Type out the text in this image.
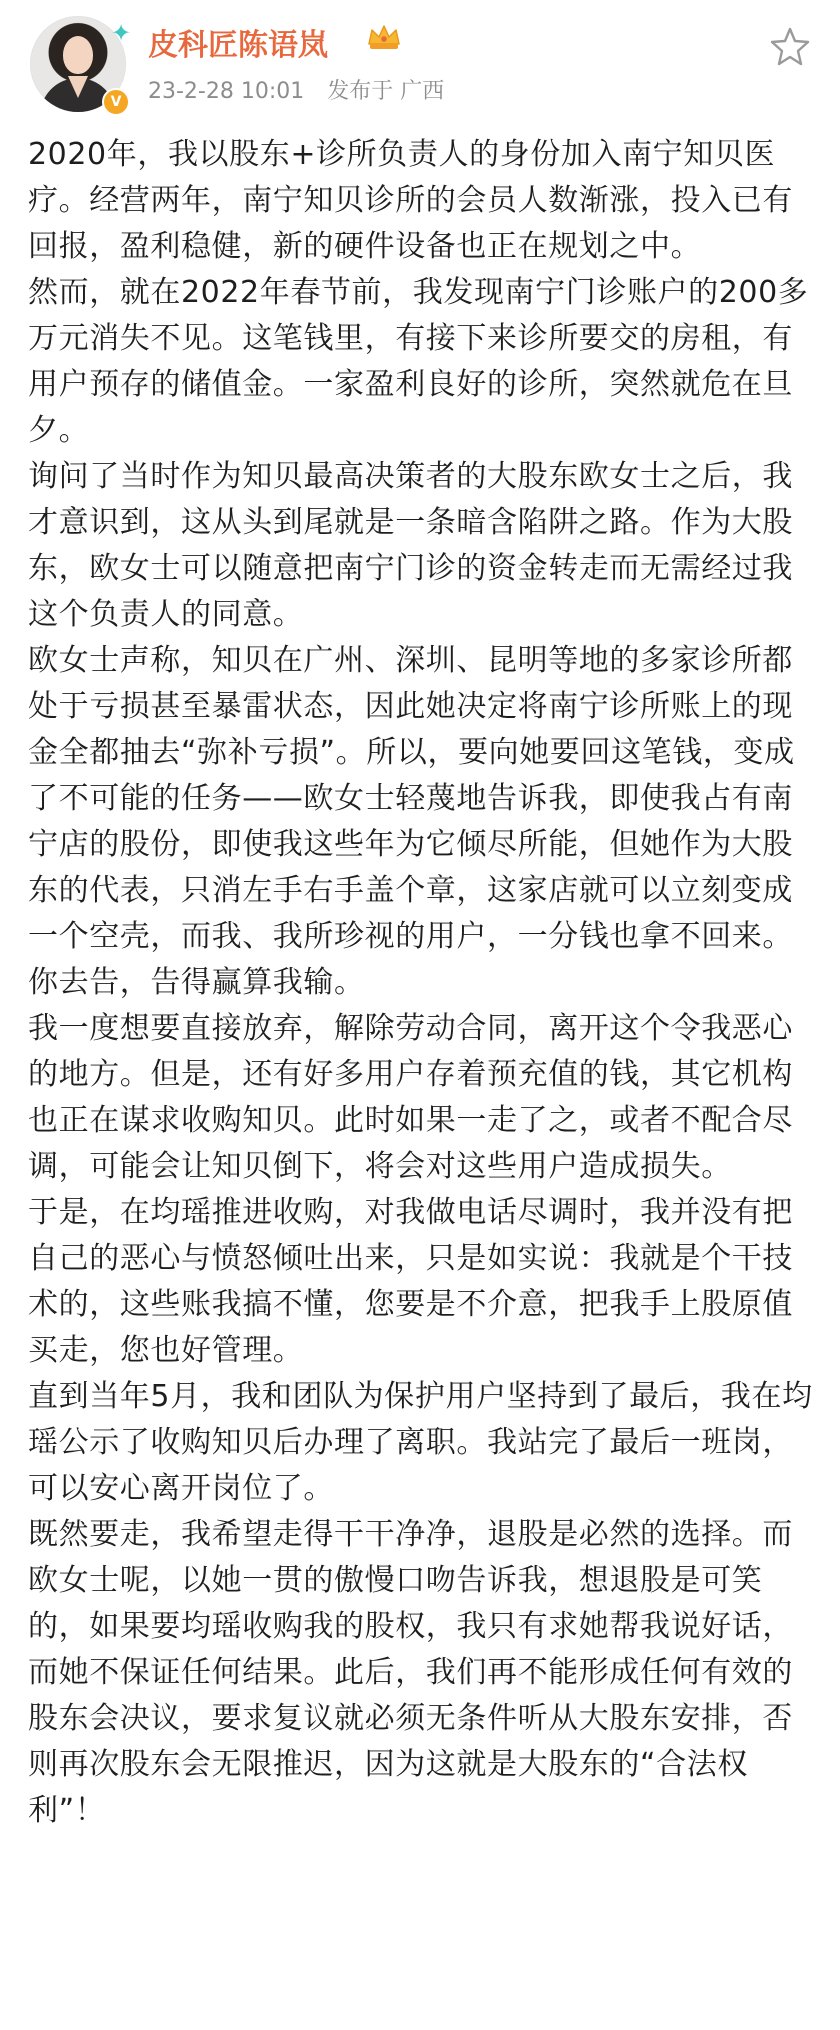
✦
V
皮科匠陈语岚
23-2-28 10:01 发布于 广西

2020年，我以股东+诊所负责人的身份加入南宁知贝医疗。经营两年，南宁知贝诊所的会员人数渐涨，投入已有回报，盈利稳健，新的硬件设备也正在规划之中。

然而，就在2022年春节前，我发现南宁门诊账户的200多万元消失不见。这笔钱里，有接下来诊所要交的房租，有用户预存的储值金。一家盈利良好的诊所，突然就危在旦夕。

询问了当时作为知贝最高决策者的大股东欧女士之后，我才意识到，这从头到尾就是一条暗含陷阱之路。作为大股东，欧女士可以随意把南宁门诊的资金转走而无需经过我这个负责人的同意。

欧女士声称，知贝在广州、深圳、昆明等地的多家诊所都处于亏损甚至暴雷状态，因此她决定将南宁诊所账上的现金全都抽去“弥补亏损”。所以，要向她要回这笔钱，变成了不可能的任务——欧女士轻蔑地告诉我，即使我占有南宁店的股份，即使我这些年为它倾尽所能，但她作为大股东的代表，只消左手右手盖个章，这家店就可以立刻变成一个空壳，而我、我所珍视的用户，一分钱也拿不回来。你去告，告得赢算我输。

我一度想要直接放弃，解除劳动合同，离开这个令我恶心的地方。但是，还有好多用户存着预充值的钱，其它机构也正在谋求收购知贝。此时如果一走了之，或者不配合尽调，可能会让知贝倒下，将会对这些用户造成损失。

于是，在均瑶推进收购，对我做电话尽调时，我并没有把自己的恶心与愤怒倾吐出来，只是如实说：我就是个干技术的，这些账我搞不懂，您要是不介意，把我手上股原值买走，您也好管理。

直到当年5月，我和团队为保护用户坚持到了最后，我在均瑶公示了收购知贝后办理了离职。我站完了最后一班岗，可以安心离开岗位了。

既然要走，我希望走得干干净净，退股是必然的选择。而欧女士呢，以她一贯的傲慢口吻告诉我，想退股是可笑的，如果要均瑶收购我的股权，我只有求她帮我说好话，而她不保证任何结果。此后，我们再不能形成任何有效的股东会决议，要求复议就必须无条件听从大股东安排，否则再次股东会无限推迟，因为这就是大股东的“合法权利”！
